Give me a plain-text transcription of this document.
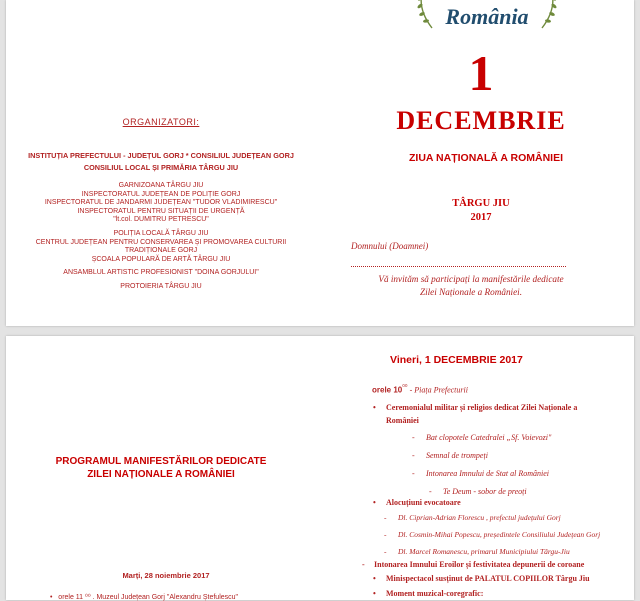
ORGANIZATORI:
INSTITUȚIA PREFECTULUI - JUDEȚUL GORJ * CONSILIUL JUDEȚEAN GORJ
CONSILIUL LOCAL ȘI PRIMĂRIA TÂRGU JIU
GARNIZOANA TÂRGU JIU
INSPECTORATUL JUDEȚEAN DE POLIȚIE GORJ
INSPECTORATUL DE JANDARMI JUDEȚEAN "TUDOR VLADIMIRESCU"
INSPECTORATUL PENTRU SITUAȚII DE URGENȚĂ
"lt.col. DUMITRU PETRESCU"
POLIȚIA LOCALĂ TÂRGU JIU
CENTRUL JUDEȚEAN PENTRU CONSERVAREA ȘI PROMOVAREA CULTURII
TRADIȚIONALE GORJ
ȘCOALA POPULARĂ DE ARTĂ TÂRGU JIU
ANSAMBLUL ARTISTIC PROFESIONIST "DOINA GORJULUI"
PROTOIERIA TÂRGU JIU
România
1
DECEMBRIE
ZIUA NAȚIONALĂ A ROMÂNIEI
TÂRGU JIU
2017
Domnului (Doamnei)
Vă invităm să participați la manifestările dedicate
Zilei Naționale a României.
PROGRAMUL MANIFESTĂRILOR DEDICATE
ZILEI NAȚIONALE A ROMÂNIEI
Marți, 28 noiembrie 2017
•   orele 11 ⁰⁰ . Muzeul Județean Gorj "Alexandru Ștefulescu"
Vineri, 1 DECEMBRIE 2017
orele $10^{^{00}}$ - Piața Prefecturii
• Ceremonialul militar și religios dedicat Zilei Naționale a
României
- Bat clopotele Catedralei „Sf. Voievozi"
- Semnal de trompeți
- Intonarea Imnului de Stat al României
- Te Deum - sobor de preoți
• Alocuțiuni evocatoare
- Dl. Ciprian-Adrian Florescu , prefectul județului Gorj
- Dl. Cosmin-Mihai Popescu, președintele Consiliului Județean Gorj
- Dl. Marcel Romanescu, primarul Municipiului Târgu-Jiu
- Intonarea Imnului Eroilor și festivitatea depunerii de coroane
• Minispectacol susținut de PALATUL COPIILOR Târgu Jiu
• Moment muzical-coregrafic:
